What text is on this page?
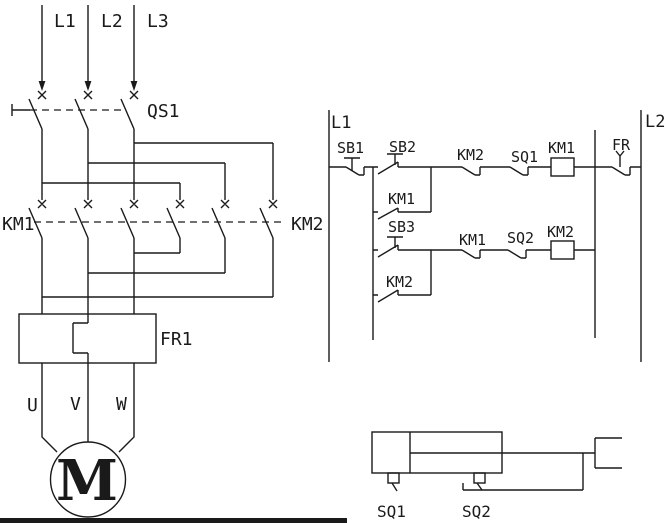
L1 L2 L3
QS1
KM1	KM2
FR1
U V W
M
L1	L2
SB1 SB2	KM2 SQ1 KM1 FR
KM1
SB3
KM1 SQ2 KM2
KM2
SQ1	SQ2
